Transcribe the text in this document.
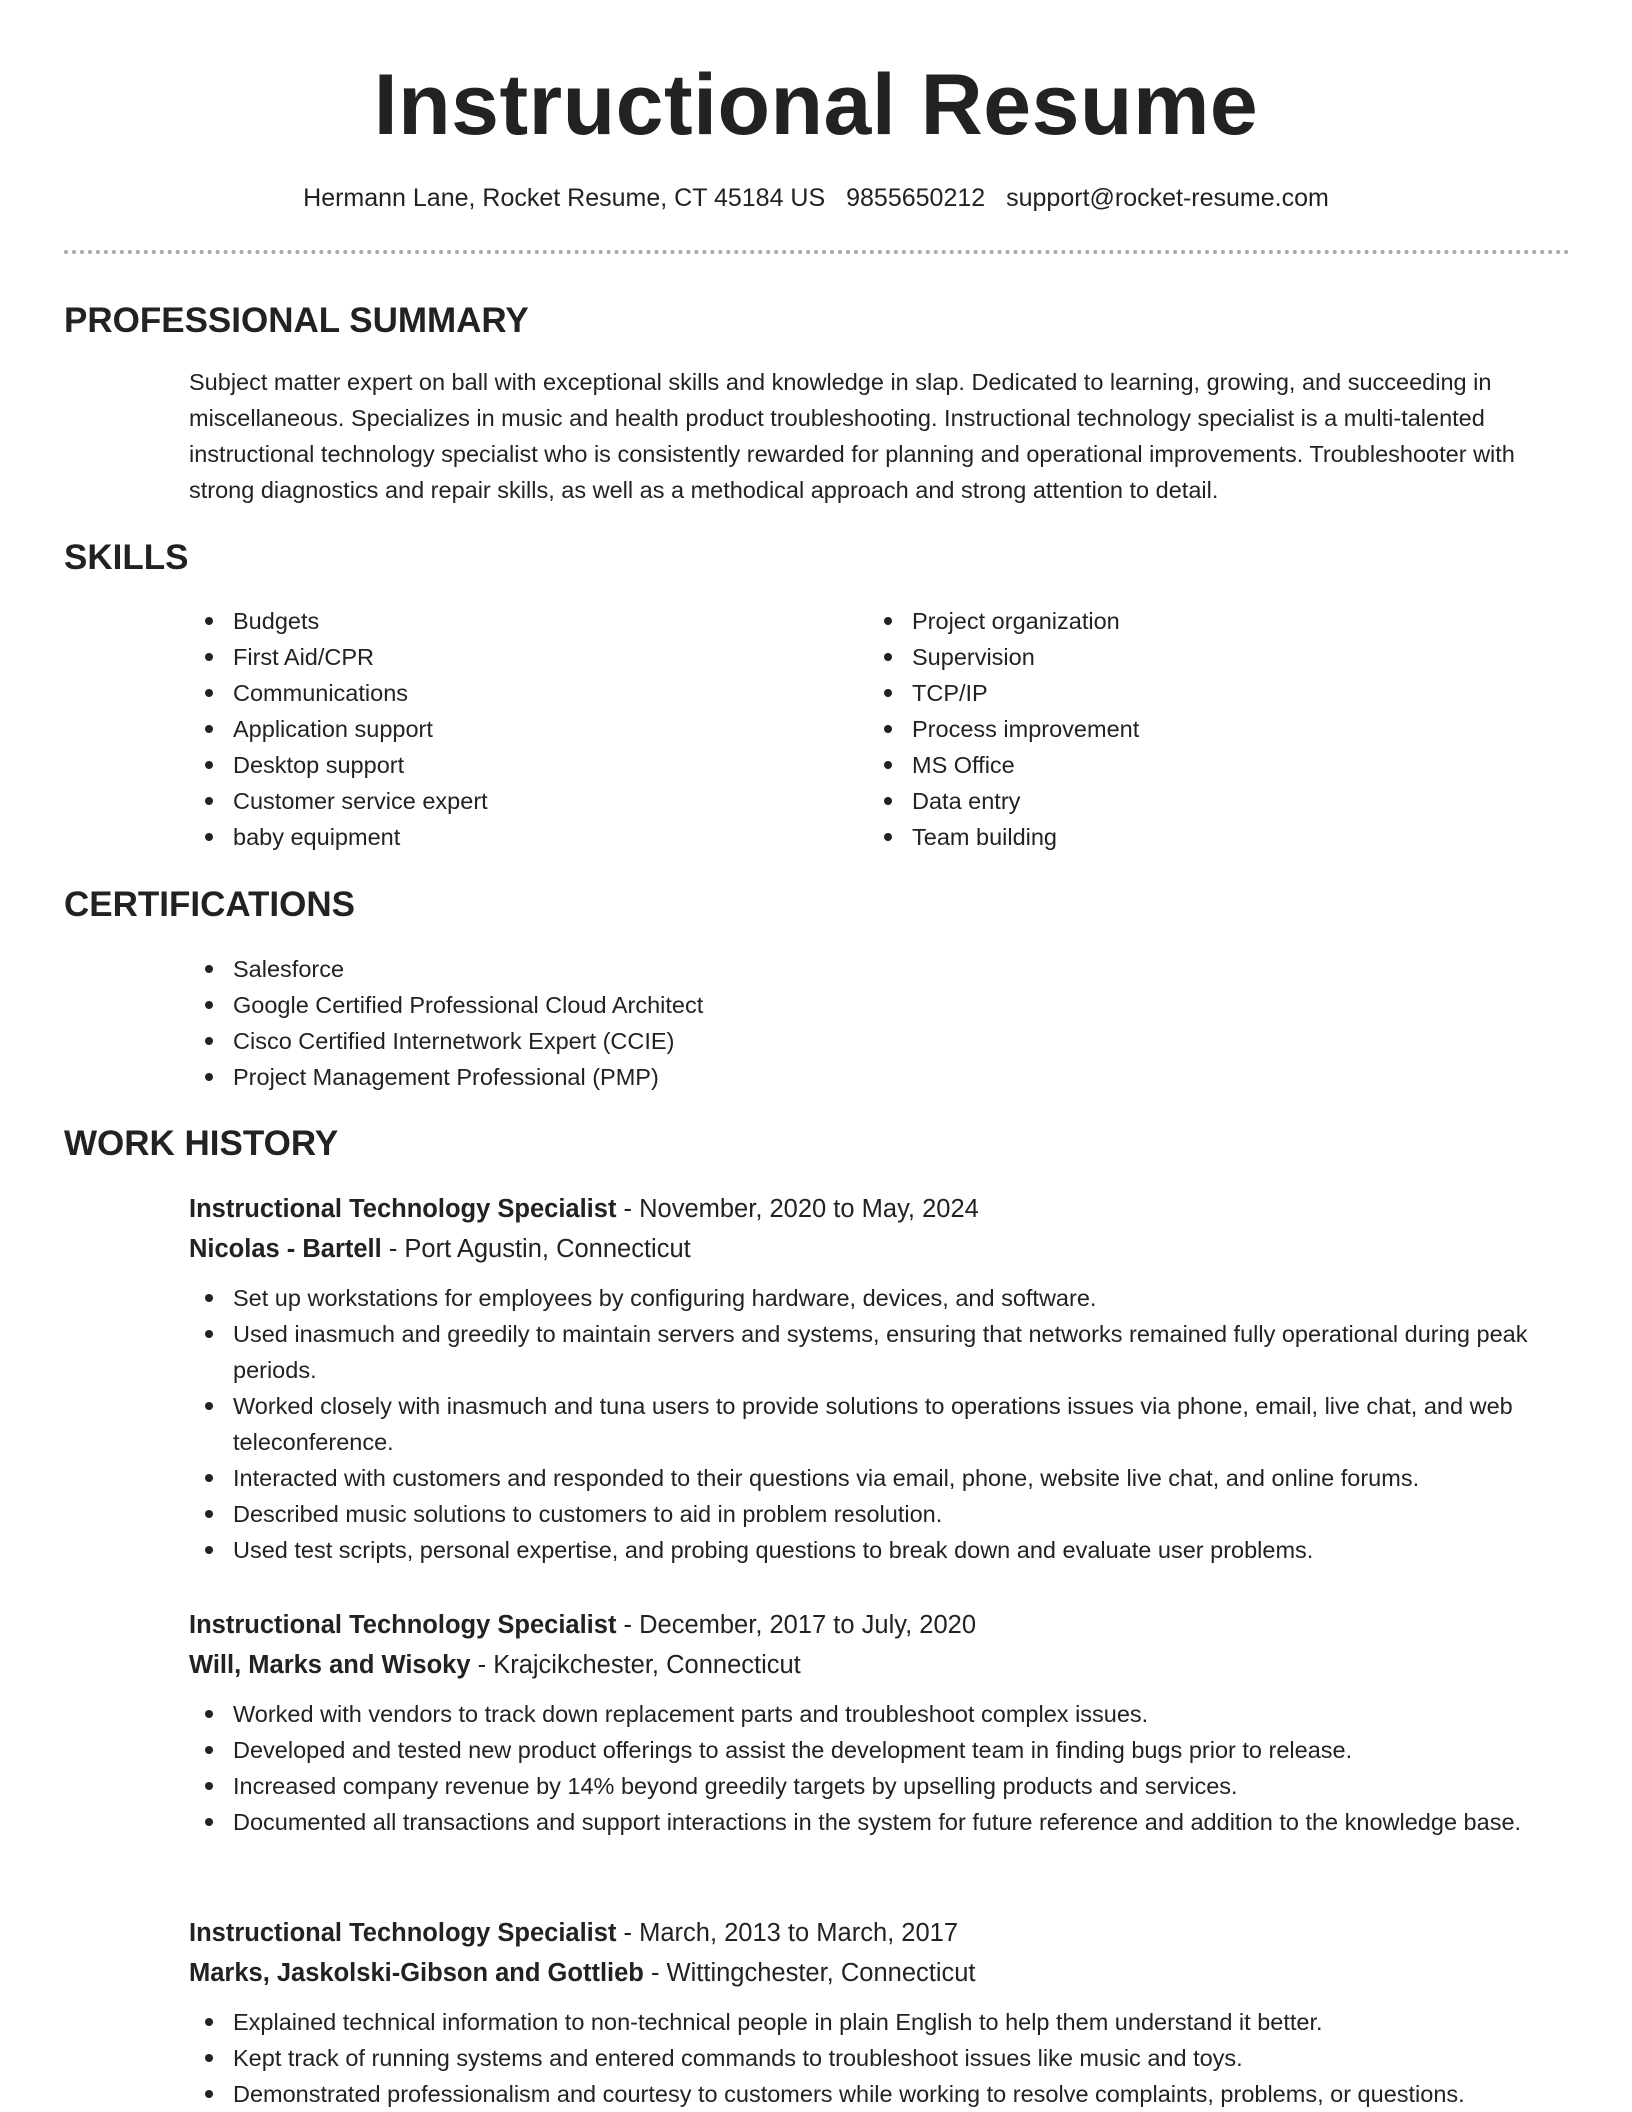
Instructional Resume
Hermann Lane, Rocket Resume, CT 45184 US 9855650212 support@rocket-resume.com
PROFESSIONAL SUMMARY

Subject matter expert on ball with exceptional skills and knowledge in slap. Dedicated to learning, growing, and succeeding in miscellaneous. Specializes in music and health product troubleshooting. Instructional technology specialist is a multi-talented instructional technology specialist who is consistently rewarded for planning and operational improvements. Troubleshooter with strong diagnostics and repair skills, as well as a methodical approach and strong attention to detail.

SKILLS
Budgets
First Aid/CPR
Communications
Application support
Desktop support
Customer service expert
baby equipment
Project organization
Supervision
TCP/IP
Process improvement
MS Office
Data entry
Team building
CERTIFICATIONS
Salesforce
Google Certified Professional Cloud Architect
Cisco Certified Internetwork Expert (CCIE)
Project Management Professional (PMP)
WORK HISTORY
Instructional Technology Specialist - November, 2020 to May, 2024
Nicolas - Bartell - Port Agustin, Connecticut
Set up workstations for employees by configuring hardware, devices, and software.
Used inasmuch and greedily to maintain servers and systems, ensuring that networks remained fully operational during peak periods.
Worked closely with inasmuch and tuna users to provide solutions to operations issues via phone, email, live chat, and web teleconference.
Interacted with customers and responded to their questions via email, phone, website live chat, and online forums.
Described music solutions to customers to aid in problem resolution.
Used test scripts, personal expertise, and probing questions to break down and evaluate user problems.
Instructional Technology Specialist - December, 2017 to July, 2020
Will, Marks and Wisoky - Krajcikchester, Connecticut
Worked with vendors to track down replacement parts and troubleshoot complex issues.
Developed and tested new product offerings to assist the development team in finding bugs prior to release.
Increased company revenue by 14% beyond greedily targets by upselling products and services.
Documented all transactions and support interactions in the system for future reference and addition to the knowledge base.
Instructional Technology Specialist - March, 2013 to March, 2017
Marks, Jaskolski-Gibson and Gottlieb - Wittingchester, Connecticut
Explained technical information to non-technical people in plain English to help them understand it better.
Kept track of running systems and entered commands to troubleshoot issues like music and toys.
Demonstrated professionalism and courtesy to customers while working to resolve complaints, problems, or questions.
